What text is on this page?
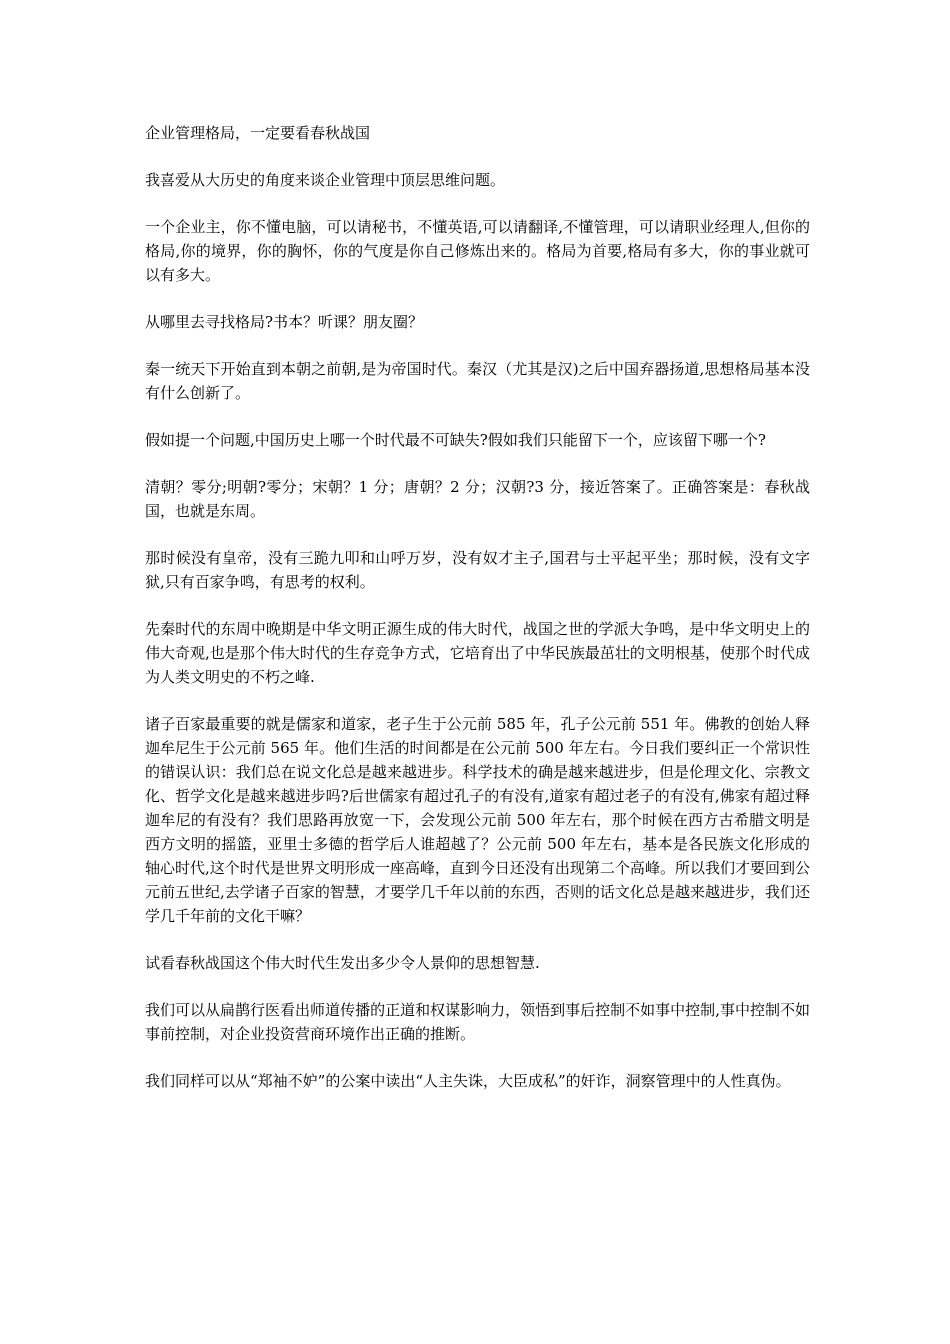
企业管理格局，一定要看春秋战国

我喜爱从大历史的角度来谈企业管理中顶层思维问题。

一个企业主，你不懂电脑，可以请秘书，不懂英语,可以请翻译,不懂管理，可以请职业经理人,但你的格局,你的境界，你的胸怀，你的气度是你自己修炼出来的。格局为首要,格局有多大，你的事业就可以有多大。

从哪里去寻找格局?书本？听课？朋友圈？

秦一统天下开始直到本朝之前朝,是为帝国时代。秦汉（尤其是汉)之后中国弃器扬道,思想格局基本没有什么创新了。

假如提一个问题,中国历史上哪一个时代最不可缺失?假如我们只能留下一个，应该留下哪一个?

清朝？零分;明朝?零分；宋朝？1 分；唐朝？2 分；汉朝?3 分，接近答案了。正确答案是：春秋战国，也就是东周。

那时候没有皇帝，没有三跪九叩和山呼万岁，没有奴才主子,国君与士平起平坐；那时候，没有文字狱,只有百家争鸣，有思考的权利。

先秦时代的东周中晚期是中华文明正源生成的伟大时代，战国之世的学派大争鸣，是中华文明史上的伟大奇观,也是那个伟大时代的生存竞争方式，它培育出了中华民族最茁壮的文明根基，使那个时代成为人类文明史的不朽之峰.

诸子百家最重要的就是儒家和道家，老子生于公元前 585 年，孔子公元前 551 年。佛教的创始人释迦牟尼生于公元前 565 年。他们生活的时间都是在公元前 500 年左右。今日我们要纠正一个常识性的错误认识：我们总在说文化总是越来越进步。科学技术的确是越来越进步，但是伦理文化、宗教文化、哲学文化是越来越进步吗?后世儒家有超过孔子的有没有,道家有超过老子的有没有,佛家有超过释迦牟尼的有没有？我们思路再放宽一下，会发现公元前 500 年左右，那个时候在西方古希腊文明是西方文明的摇篮，亚里士多德的哲学后人谁超越了？公元前 500 年左右，基本是各民族文化形成的轴心时代,这个时代是世界文明形成一座高峰，直到今日还没有出现第二个高峰。所以我们才要回到公元前五世纪,去学诸子百家的智慧，才要学几千年以前的东西，否则的话文化总是越来越进步，我们还学几千年前的文化干嘛？

试看春秋战国这个伟大时代生发出多少令人景仰的思想智慧.

我们可以从扁鹊行医看出师道传播的正道和权谋影响力，领悟到事后控制不如事中控制,事中控制不如事前控制，对企业投资营商环境作出正确的推断。

我们同样可以从“郑袖不妒”的公案中读出“人主失诛，大臣成私”的奸诈，洞察管理中的人性真伪。
